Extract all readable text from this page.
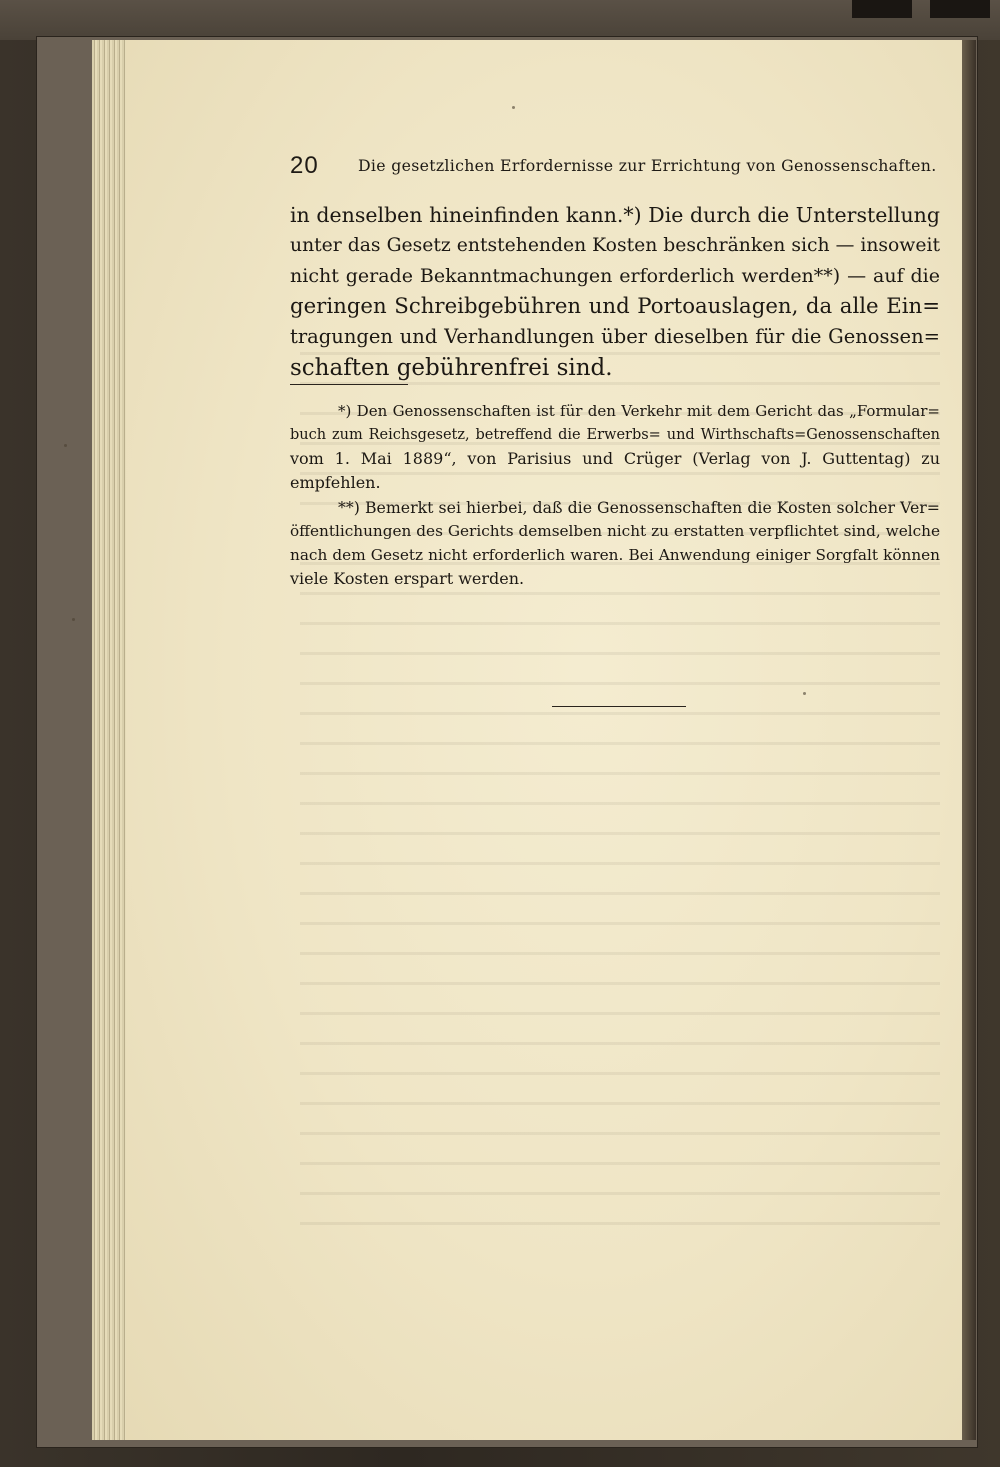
20 Die gesetzlichen Erfordernisse zur Errichtung von Genossenschaften.
in denselben hineinfinden kann.*) Die durch die Unterstellung
unter das Gesetz entstehenden Kosten beschränken sich — insoweit
nicht gerade Bekanntmachungen erforderlich werden**) — auf die
geringen Schreibgebühren und Portoauslagen, da alle Ein=
tragungen und Verhandlungen über dieselben für die Genossen=
schaften gebührenfrei sind.
*) Den Genossenschaften ist für den Verkehr mit dem Gericht das „Formular=
buch zum Reichsgesetz, betreffend die Erwerbs= und Wirthschafts=Genossenschaften
vom 1. Mai 1889“, von Parisius und Crüger (Verlag von J. Guttentag) zu
empfehlen.
**) Bemerkt sei hierbei, daß die Genossenschaften die Kosten solcher Ver=
öffentlichungen des Gerichts demselben nicht zu erstatten verpflichtet sind, welche
nach dem Gesetz nicht erforderlich waren. Bei Anwendung einiger Sorgfalt können
viele Kosten erspart werden.
